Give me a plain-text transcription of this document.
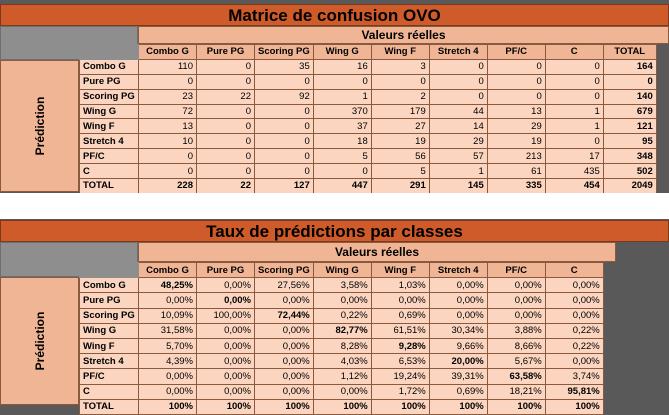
Matrice de confusion OVO
Valeurs réelles
Prédiction
	Combo G	Pure PG	Scoring PG	Wing G	Wing F	Stretch 4	PF/C	C	TOTAL
Combo G	110	0	35	16	3	0	0	0	164
Pure PG	0	0	0	0	0	0	0	0	0
Scoring PG	23	22	92	1	2	0	0	0	140
Wing G	72	0	0	370	179	44	13	1	679
Wing F	13	0	0	37	27	14	29	1	121
Stretch 4	10	0	0	18	19	29	19	0	95
PF/C	0	0	0	5	56	57	213	17	348
C	0	0	0	0	5	1	61	435	502
TOTAL	228	22	127	447	291	145	335	454	2049
Taux de prédictions par classes
Valeurs réelles
Prédiction
	Combo G	Pure PG	Scoring PG	Wing G	Wing F	Stretch 4	PF/C	C
Combo G	48,25%	0,00%	27,56%	3,58%	1,03%	0,00%	0,00%	0,00%
Pure PG	0,00%	0,00%	0,00%	0,00%	0,00%	0,00%	0,00%	0,00%
Scoring PG	10,09%	100,00%	72,44%	0,22%	0,69%	0,00%	0,00%	0,00%
Wing G	31,58%	0,00%	0,00%	82,77%	61,51%	30,34%	3,88%	0,22%
Wing F	5,70%	0,00%	0,00%	8,28%	9,28%	9,66%	8,66%	0,22%
Stretch 4	4,39%	0,00%	0,00%	4,03%	6,53%	20,00%	5,67%	0,00%
PF/C	0,00%	0,00%	0,00%	1,12%	19,24%	39,31%	63,58%	3,74%
C	0,00%	0,00%	0,00%	0,00%	1,72%	0,69%	18,21%	95,81%
TOTAL	100%	100%	100%	100%	100%	100%	100%	100%
